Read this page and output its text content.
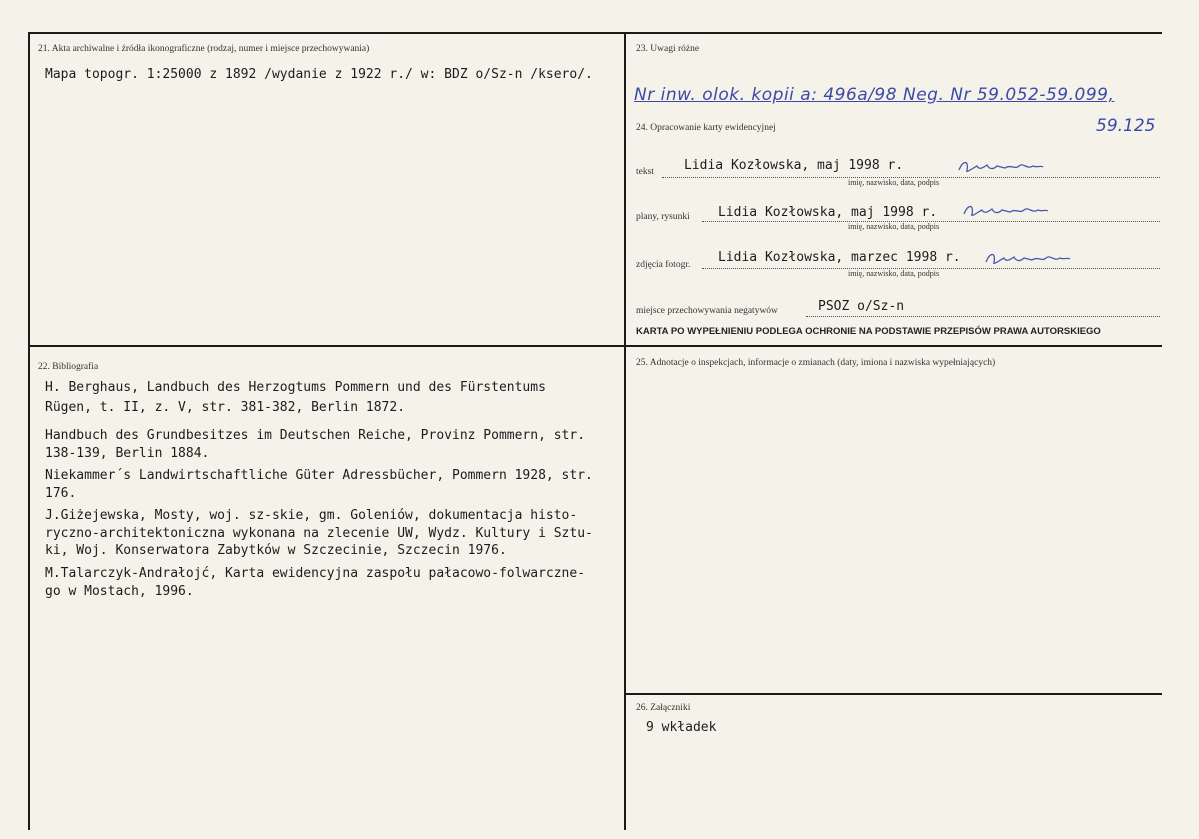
21. Akta archiwalne i źródła ikonograficzne (rodzaj, numer i miejsce przechowywania)
Mapa topogr. 1:25000 z 1892 /wydanie z 1922 r./ w: BDZ o/Sz-n /ksero/.
23. Uwagi różne
Nr inw. olok. kopii a: 496a/98 Neg. Nr 59.052-59.099,
59.125
24. Opracowanie karty ewidencyjnej
tekst Lidia Kozłowska, maj 1998 r.
imię, nazwisko, data, podpis
plany, rysunki Lidia Kozłowska, maj 1998 r.
imię, nazwisko, data, podpis
zdjęcia fotogr. Lidia Kozłowska, marzec 1998 r.
imię, nazwisko, data, podpis
miejsce przechowywania negatywów	PSOZ o/Sz-n
KARTA PO WYPEŁNIENIU PODLEGA OCHRONIE NA PODSTAWIE PRZEPISÓW PRAWA AUTORSKIEGO
22. Bibliografia
H. Berghaus, Landbuch des Herzogtums Pommern und des Fürstentums
Rügen, t. II, z. V, str. 381-382, Berlin 1872.
Handbuch des Grundbesitzes im Deutschen Reiche, Provinz Pommern, str.
138-139, Berlin 1884.
Niekammer´s Landwirtschaftliche Güter Adressbücher, Pommern 1928, str.
176.
J.Giżejewska, Mosty, woj. sz-skie, gm. Goleniów, dokumentacja histo-
ryczno-architektoniczna wykonana na zlecenie UW, Wydz. Kultury i Sztu-
ki, Woj. Konserwatora Zabytków w Szczecinie, Szczecin 1976.
M.Talarczyk-Andrałojć, Karta ewidencyjna zaspołu pałacowo-folwarczne-
go w Mostach, 1996.
25. Adnotacje o inspekcjach, informacje o zmianach (daty, imiona i nazwiska wypełniających)
26. Załączniki
9 wkładek
